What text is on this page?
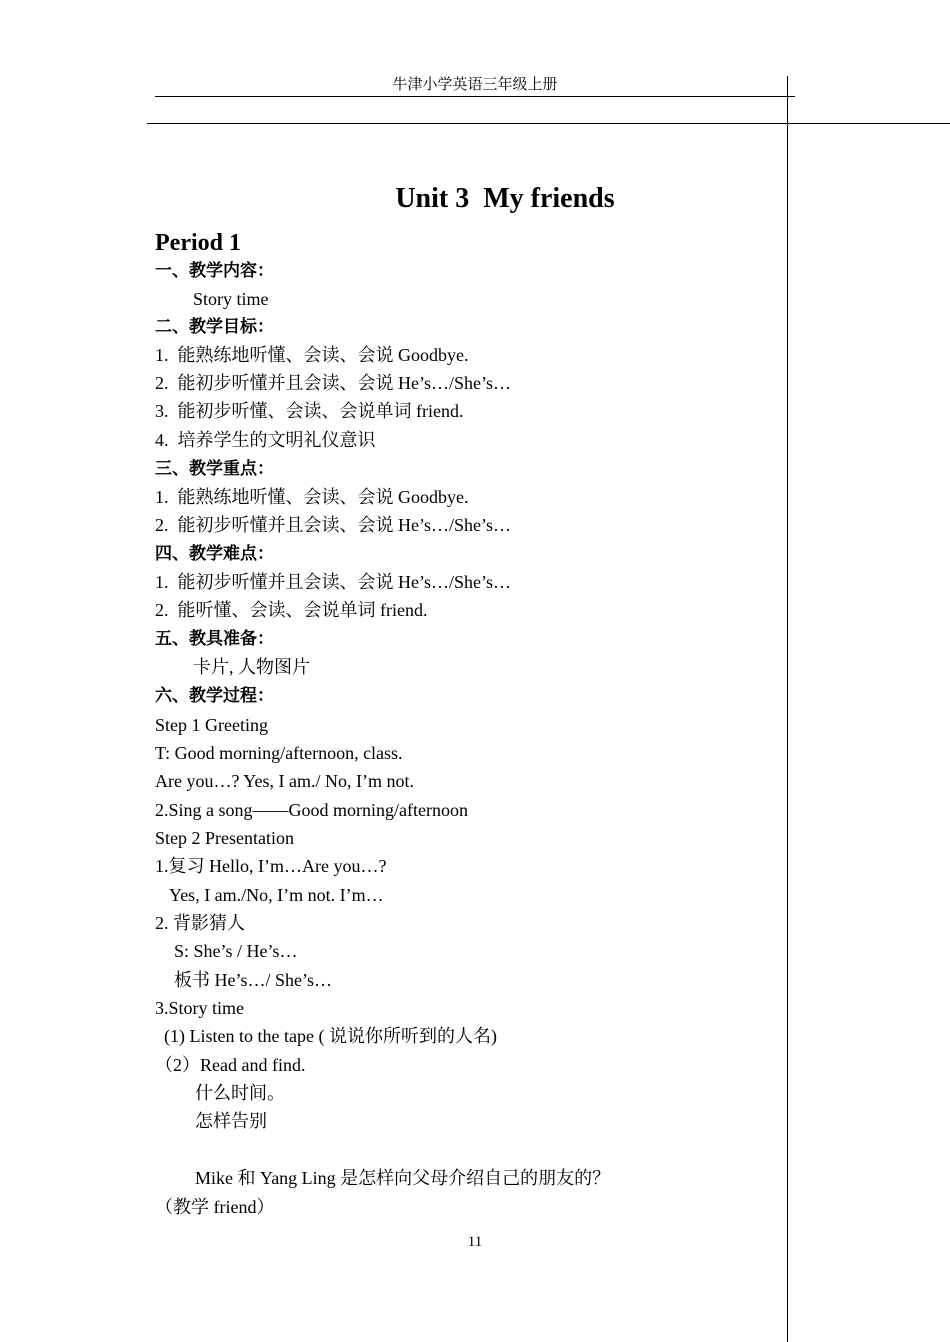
牛津小学英语三年级上册
Unit 3  My friends
Period 1
一、教学内容：
Story time
二、教学目标：
1.  能熟练地听懂、会读、会说 Goodbye.
2.  能初步听懂并且会读、会说 He’s…/She’s…
3.  能初步听懂、会读、会说单词 friend.
4.  培养学生的文明礼仪意识
三、教学重点：
1.  能熟练地听懂、会读、会说 Goodbye.
2.  能初步听懂并且会读、会说 He’s…/She’s…
四、教学难点：
1.  能初步听懂并且会读、会说 He’s…/She’s…
2.  能听懂、会读、会说单词 friend.
五、教具准备：
卡片, 人物图片
六、教学过程：
Step 1 Greeting
T: Good morning/afternoon, class.
Are you…? Yes, I am./ No, I’m not.
2.Sing a song——Good morning/afternoon
Step 2 Presentation
1.复习 Hello, I’m…Are you…?
Yes, I am./No, I’m not. I’m…
2. 背影猜人
S: She’s / He’s…
板书 He’s…/ She’s…
3.Story time
(1) Listen to the tape ( 说说你所听到的人名)
（2）Read and find.
什么时间。
怎样告别
Mike 和 Yang Ling 是怎样向父母介绍自己的朋友的？
（教学 friend）
11
